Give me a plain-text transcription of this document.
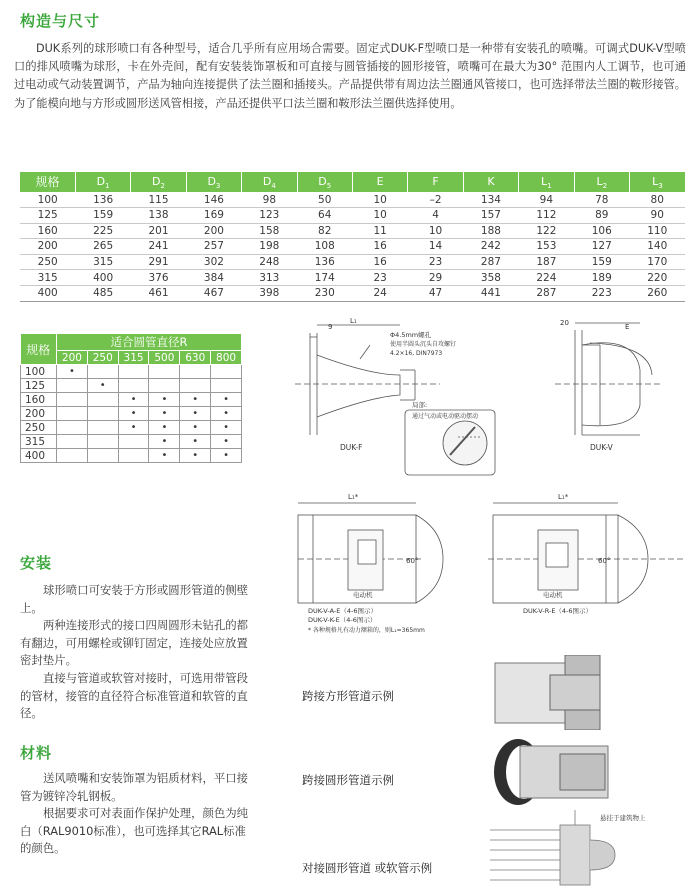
构造与尺寸
DUK系列的球形喷口有各种型号，适合几乎所有应用场合需要。固定式DUK-F型喷口是一种带有安装孔的喷嘴。可调式DUK-V型喷口的排风喷嘴为球形，卡在外壳间，配有安装装饰罩板和可直接与圆管插接的圆形接管，喷嘴可在最大为30° 范围内人工调节，也可通过电动或气动装置调节，产品为轴向连接提供了法兰圈和插接头。产品提供带有周边法兰圈通风管接口，也可选择带法兰圈的鞍形接管。为了能模向地与方形或圆形送风管相接，产品还提供平口法兰圈和鞍形法兰圈供选择使用。
规格	$D_1$	$D_2$	$D_3$	$D_4$	$D_5$	E	F	K	$L_1$	$L_2$	$L_3$
100	136	115	146	98	50	10	–2	134	94	78	80
125	159	138	169	123	64	10	4	157	112	89	90
160	225	201	200	158	82	11	10	188	122	106	110
200	265	241	257	198	108	16	14	242	153	127	140
250	315	291	302	248	136	16	23	287	187	159	170
315	400	376	384	313	174	23	29	358	224	189	220
400	485	461	467	398	230	24	47	441	287	223	260
规格	适合圆管直径R					
	200	250	315	500	630	800
100	•					
125		•				
160			•	•	•	•
200			•	•	•	•
250			•	•	•	•
315				•	•	•
400				•	•	•
9
L₁	20	E
DUK-F	DUK-V
Φ4.5mm螺孔
使用半圆头沉头自攻螺钉
4.2×16, DIN7973
局部:
通过气动或电动驱动摆动
L₁*	L₁*
60°	60°
电动机	电动机
DUK-V-A-E（4-6图示）
DUK-V-K-E（4-6图示）
* 各种规格凡有动力额箱的，则L₁=365mm
DUK-V-R-E（4-6图示）
安装

球形喷口可安装于方形或圆形管道的侧壁上。

两种连接形式的接口四周圆形未钻孔的都有翻边，可用螺栓或铆钉固定，连接处应放置密封垫片。

直接与管道或软管对接时，可选用带管段的管材，接管的直径符合标准管道和软管的直径。

材料

送风喷嘴和安装饰罩为铝质材料，平口接管为镀锌冷轧钢板。

根据要求可对表面作保护处理，颜色为纯白（RAL9010标准），也可选择其它RAL标准的颜色。

跨接方形管道示例
跨接圆形管道示例
悬挂于建筑物上
对接圆形管道 或软管示例
